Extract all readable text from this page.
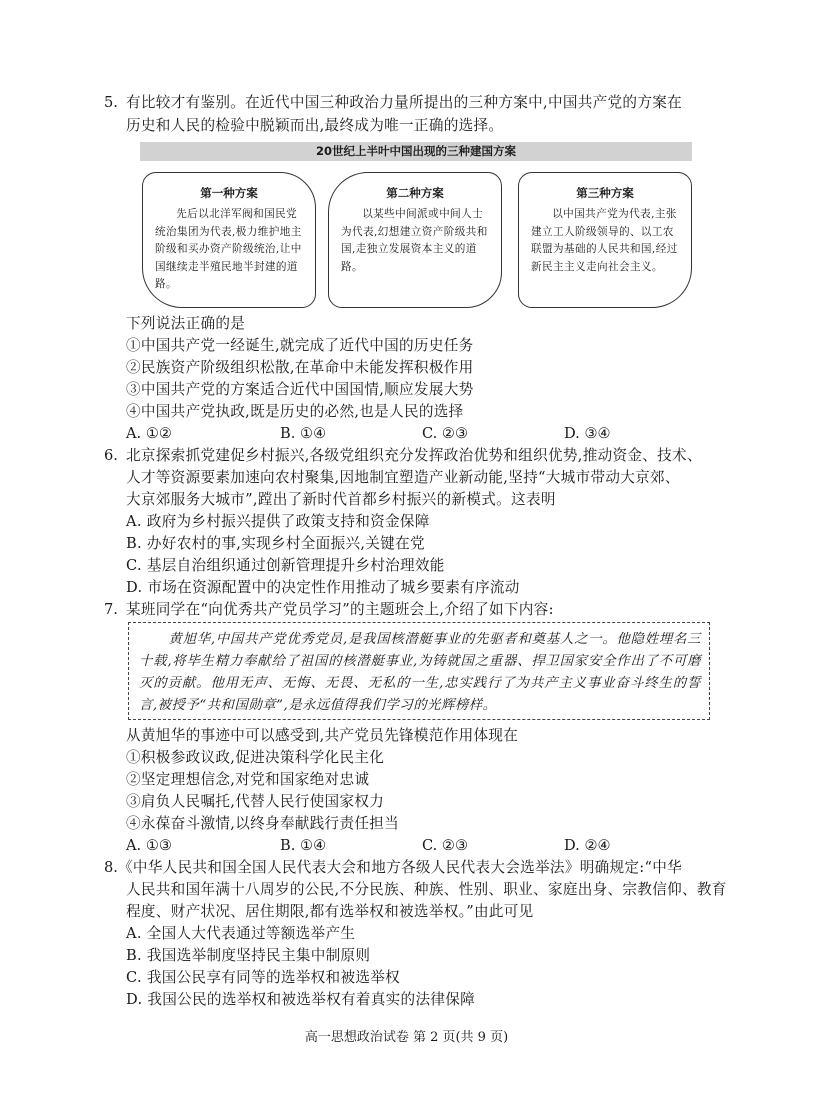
5. 有比较才有鉴别。在近代中国三种政治力量所提出的三种方案中,中国共产党的方案在
历史和人民的检验中脱颖而出,最终成为唯一正确的选择。
20世纪上半叶中国出现的三种建国方案
第一种方案
先后以北洋军阀和国民党统治集团为代表,极力维护地主阶级和买办资产阶级统治,让中国继续走半殖民地半封建的道路。
第二种方案
以某些中间派或中间人士为代表,幻想建立资产阶级共和国,走独立发展资本主义的道路。
第三种方案
以中国共产党为代表,主张建立工人阶级领导的、以工农联盟为基础的人民共和国,经过新民主主义走向社会主义。
下列说法正确的是
①中国共产党一经诞生,就完成了近代中国的历史任务
②民族资产阶级组织松散,在革命中未能发挥积极作用
③中国共产党的方案适合近代中国国情,顺应发展大势
④中国共产党执政,既是历史的必然,也是人民的选择
A. ①②	B. ①④	C. ②③	D. ③④
6. 北京探索抓党建促乡村振兴,各级党组织充分发挥政治优势和组织优势,推动资金、技术、
人才等资源要素加速向农村聚集,因地制宜塑造产业新动能,坚持“大城市带动大京郊、
大京郊服务大城市”,蹚出了新时代首都乡村振兴的新模式。这表明
A. 政府为乡村振兴提供了政策支持和资金保障
B. 办好农村的事,实现乡村全面振兴,关键在党
C. 基层自治组织通过创新管理提升乡村治理效能
D. 市场在资源配置中的决定性作用推动了城乡要素有序流动
7. 某班同学在“向优秀共产党员学习”的主题班会上,介绍了如下内容:
黄旭华,中国共产党优秀党员,是我国核潜艇事业的先驱者和奠基人之一。他隐姓埋名三十载,将毕生精力奉献给了祖国的核潜艇事业,为铸就国之重器、捍卫国家安全作出了不可磨灭的贡献。他用无声、无悔、无畏、无私的一生,忠实践行了为共产主义事业奋斗终生的誓言,被授予“共和国勋章”,是永远值得我们学习的光辉榜样。
从黄旭华的事迹中可以感受到,共产党员先锋模范作用体现在
①积极参政议政,促进决策科学化民主化
②坚定理想信念,对党和国家绝对忠诚
③肩负人民嘱托,代替人民行使国家权力
④永葆奋斗激情,以终身奉献践行责任担当
A. ①③	B. ①④	C. ②③	D. ②④
8. 《中华人民共和国全国人民代表大会和地方各级人民代表大会选举法》明确规定:“中华
人民共和国年满十八周岁的公民,不分民族、种族、性别、职业、家庭出身、宗教信仰、教育
程度、财产状况、居住期限,都有选举权和被选举权。”由此可见
A. 全国人大代表通过等额选举产生
B. 我国选举制度坚持民主集中制原则
C. 我国公民享有同等的选举权和被选举权
D. 我国公民的选举权和被选举权有着真实的法律保障
高一思想政治试卷 第 2 页(共 9 页)
